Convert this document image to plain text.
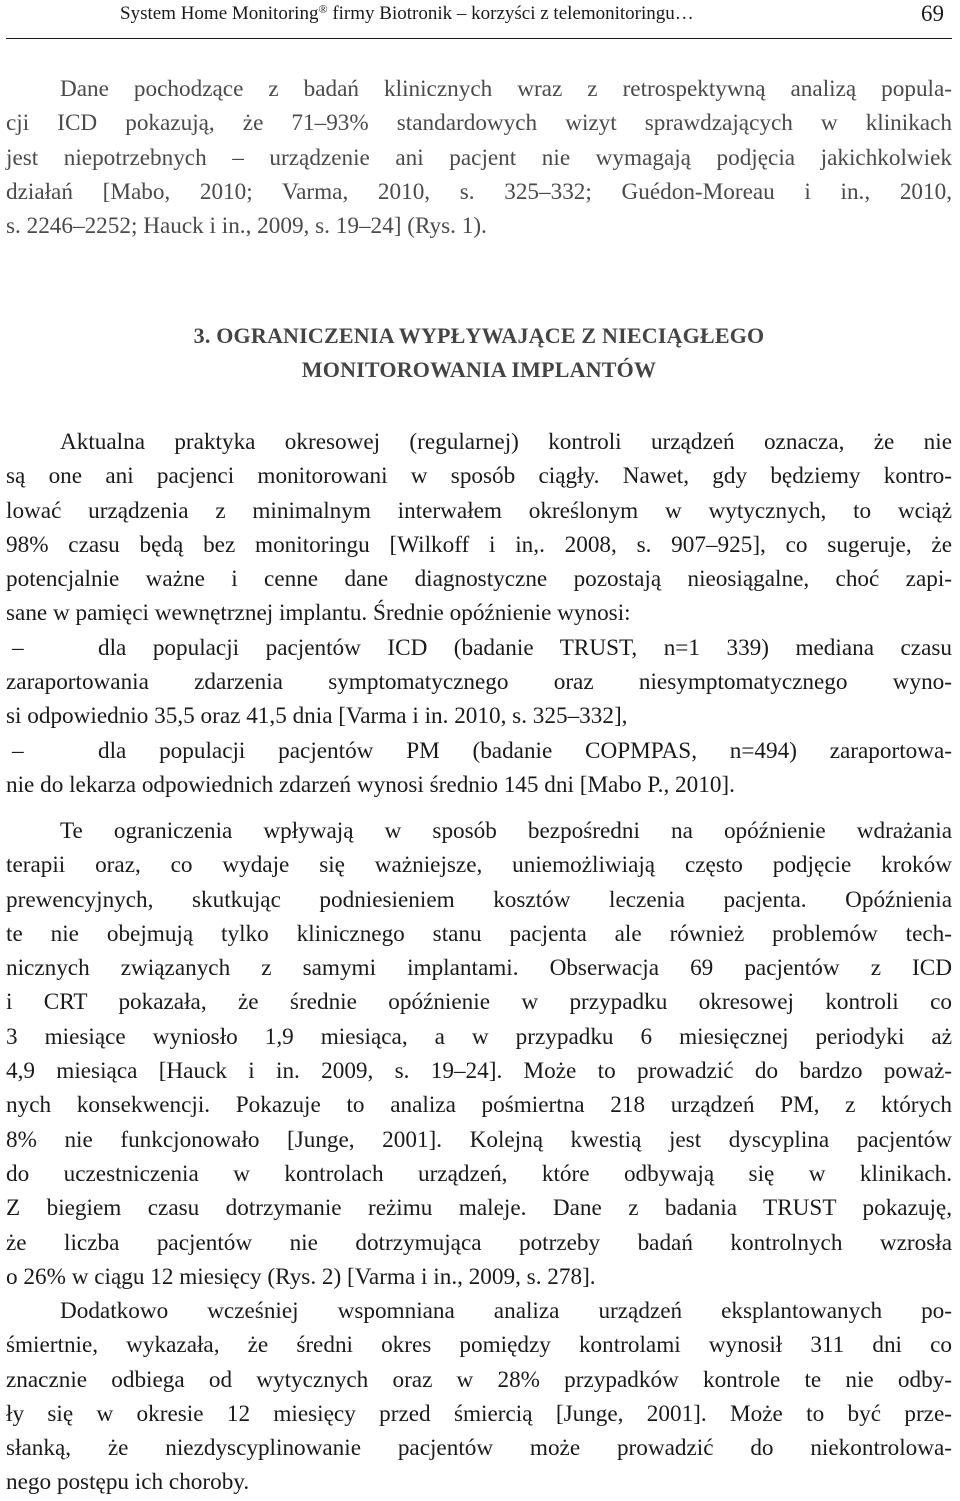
System Home Monitoring® firmy Biotronik – korzyści z telemonitoringu…	69
Dane pochodzące z badań klinicznych wraz z retrospektywną analizą popula-
cji ICD pokazują, że 71–93% standardowych wizyt sprawdzających w klinikach
jest niepotrzebnych – urządzenie ani pacjent nie wymagają podjęcia jakichkolwiek
działań [Mabo, 2010; Varma, 2010, s. 325–332; Guédon-Moreau i in., 2010,
s. 2246–2252; Hauck i in., 2009, s. 19–24] (Rys. 1).
3. OGRANICZENIA WYPŁYWAJĄCE Z NIECIĄGŁEGO
MONITOROWANIA IMPLANTÓW
Aktualna praktyka okresowej (regularnej) kontroli urządzeń oznacza, że nie
są one ani pacjenci monitorowani w sposób ciągły. Nawet, gdy będziemy kontro-
lować urządzenia z minimalnym interwałem określonym w wytycznych, to wciąż
98% czasu będą bez monitoringu [Wilkoff i in,. 2008, s. 907–925], co sugeruje, że
potencjalnie ważne i cenne dane diagnostyczne pozostają nieosiągalne, choć zapi-
sane w pamięci wewnętrznej implantu. Średnie opóźnienie wynosi:
–	dla populacji pacjentów ICD (badanie TRUST, n=1 339) mediana czasu
zaraportowania zdarzenia symptomatycznego oraz niesymptomatycznego wyno-
si odpowiednio 35,5 oraz 41,5 dnia [Varma i in. 2010, s. 325–332],
–	dla populacji pacjentów PM (badanie COPMPAS, n=494) zaraportowa-
nie do lekarza odpowiednich zdarzeń wynosi średnio 145 dni [Mabo P., 2010].
Te ograniczenia wpływają w sposób bezpośredni na opóźnienie wdrażania
terapii oraz, co wydaje się ważniejsze, uniemożliwiają często podjęcie kroków
prewencyjnych, skutkując podniesieniem kosztów leczenia pacjenta. Opóźnienia
te nie obejmują tylko klinicznego stanu pacjenta ale również problemów tech-
nicznych związanych z samymi implantami. Obserwacja 69 pacjentów z ICD
i CRT pokazała, że średnie opóźnienie w przypadku okresowej kontroli co
3 miesiące wyniosło 1,9 miesiąca, a w przypadku 6 miesięcznej periodyki aż
4,9 miesiąca [Hauck i in. 2009, s. 19–24]. Może to prowadzić do bardzo poważ-
nych konsekwencji. Pokazuje to analiza pośmiertna 218 urządzeń PM, z których
8% nie funkcjonowało [Junge, 2001]. Kolejną kwestią jest dyscyplina pacjentów
do uczestniczenia w kontrolach urządzeń, które odbywają się w klinikach.
Z biegiem czasu dotrzymanie reżimu maleje. Dane z badania TRUST pokazuję,
że liczba pacjentów nie dotrzymująca potrzeby badań kontrolnych wzrosła
o 26% w ciągu 12 miesięcy (Rys. 2) [Varma i in., 2009, s. 278].
Dodatkowo wcześniej wspomniana analiza urządzeń eksplantowanych po-
śmiertnie, wykazała, że średni okres pomiędzy kontrolami wynosił 311 dni co
znacznie odbiega od wytycznych oraz w 28% przypadków kontrole te nie odby-
ły się w okresie 12 miesięcy przed śmiercią [Junge, 2001]. Może to być prze-
słanką, że niezdyscyplinowanie pacjentów może prowadzić do niekontrolowa-
nego postępu ich choroby.
